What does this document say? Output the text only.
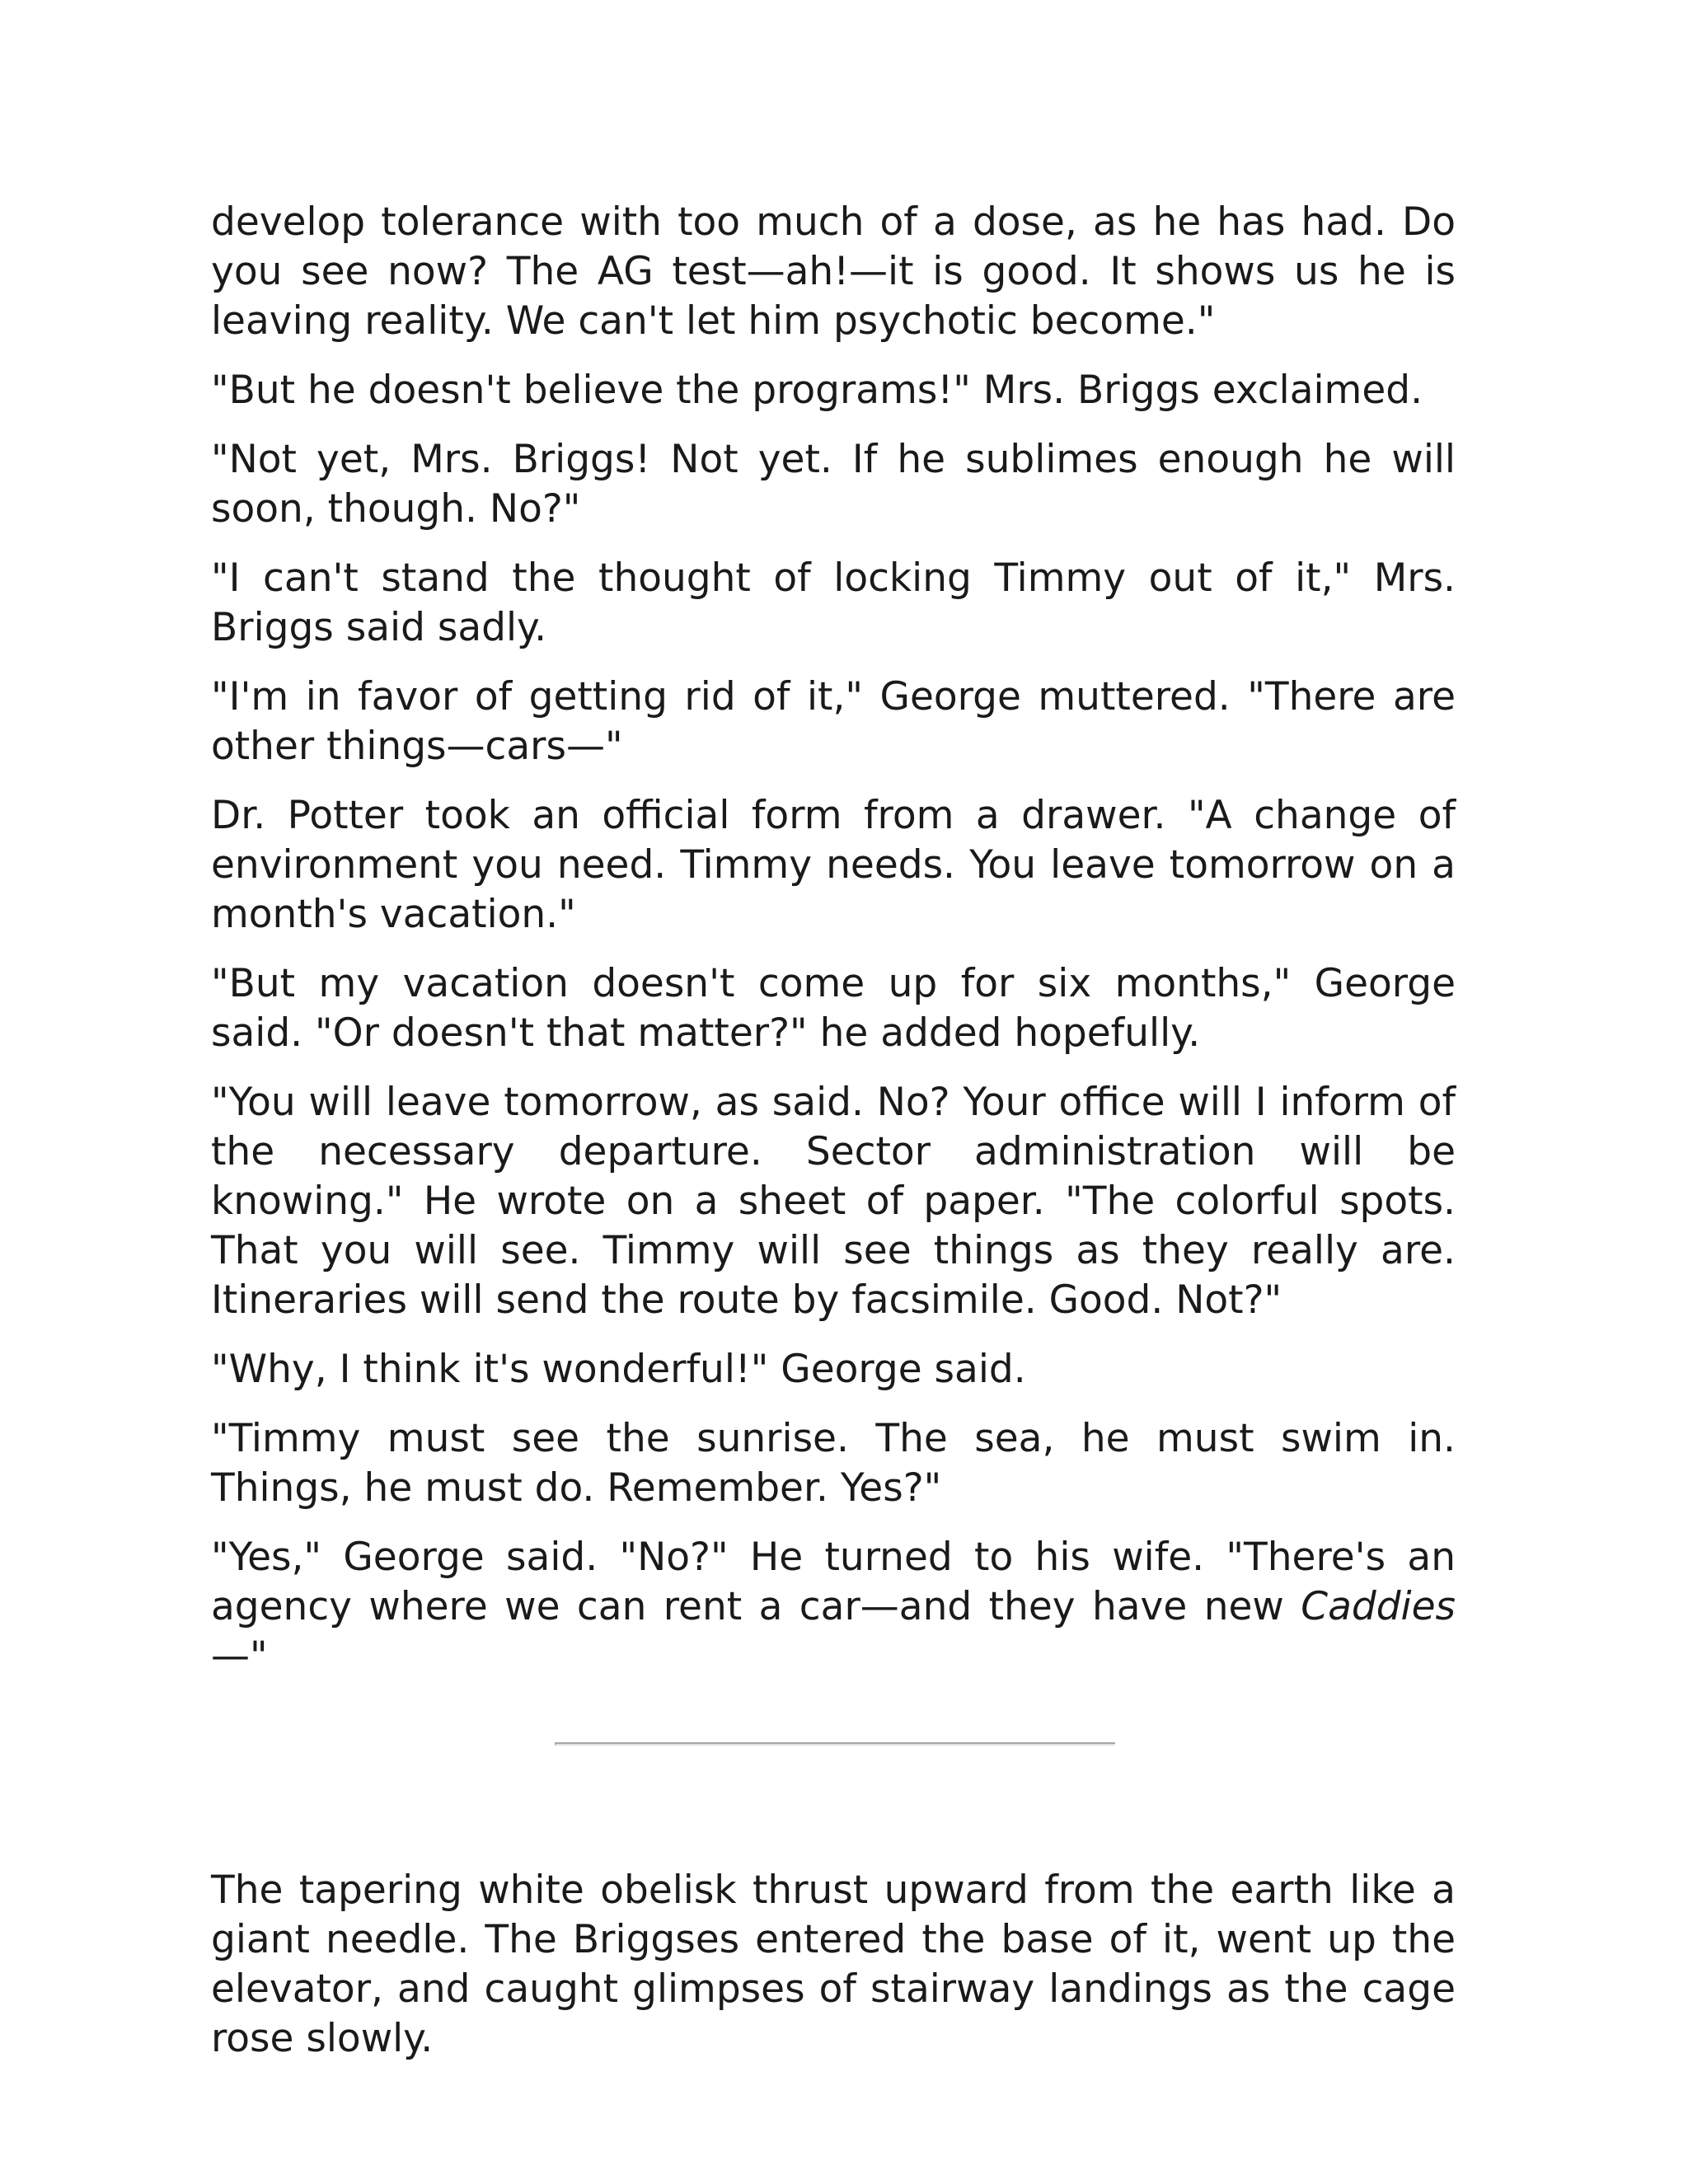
develop tolerance with too much of a dose, as he has had. Do you see now? The AG test—ah!—it is good. It shows us he is leaving reality. We can't let him psychotic become."

"But he doesn't believe the programs!" Mrs. Briggs exclaimed.

"Not yet, Mrs. Briggs! Not yet. If he sublimes enough he will soon, though. No?"

"I can't stand the thought of locking Timmy out of it," Mrs. Briggs said sadly.

"I'm in favor of getting rid of it," George muttered. "There are other things—cars—"

Dr. Potter took an official form from a drawer. "A change of environment you need. Timmy needs. You leave tomorrow on a month's vacation."

"But my vacation doesn't come up for six months," George said. "Or doesn't that matter?" he added hopefully.

"You will leave tomorrow, as said. No? Your office will I inform of the necessary departure. Sector administration will be knowing." He wrote on a sheet of paper. "The colorful spots. That you will see. Timmy will see things as they really are. Itineraries will send the route by facsimile. Good. Not?"

"Why, I think it's wonderful!" George said.

"Timmy must see the sunrise. The sea, he must swim in. Things, he must do. Remember. Yes?"

"Yes," George said. "No?" He turned to his wife. "There's an agency where we can rent a car—and they have new Caddies—"

The tapering white obelisk thrust upward from the earth like a giant needle. The Briggses entered the base of it, went up the elevator, and caught glimpses of stairway landings as the cage rose slowly.
